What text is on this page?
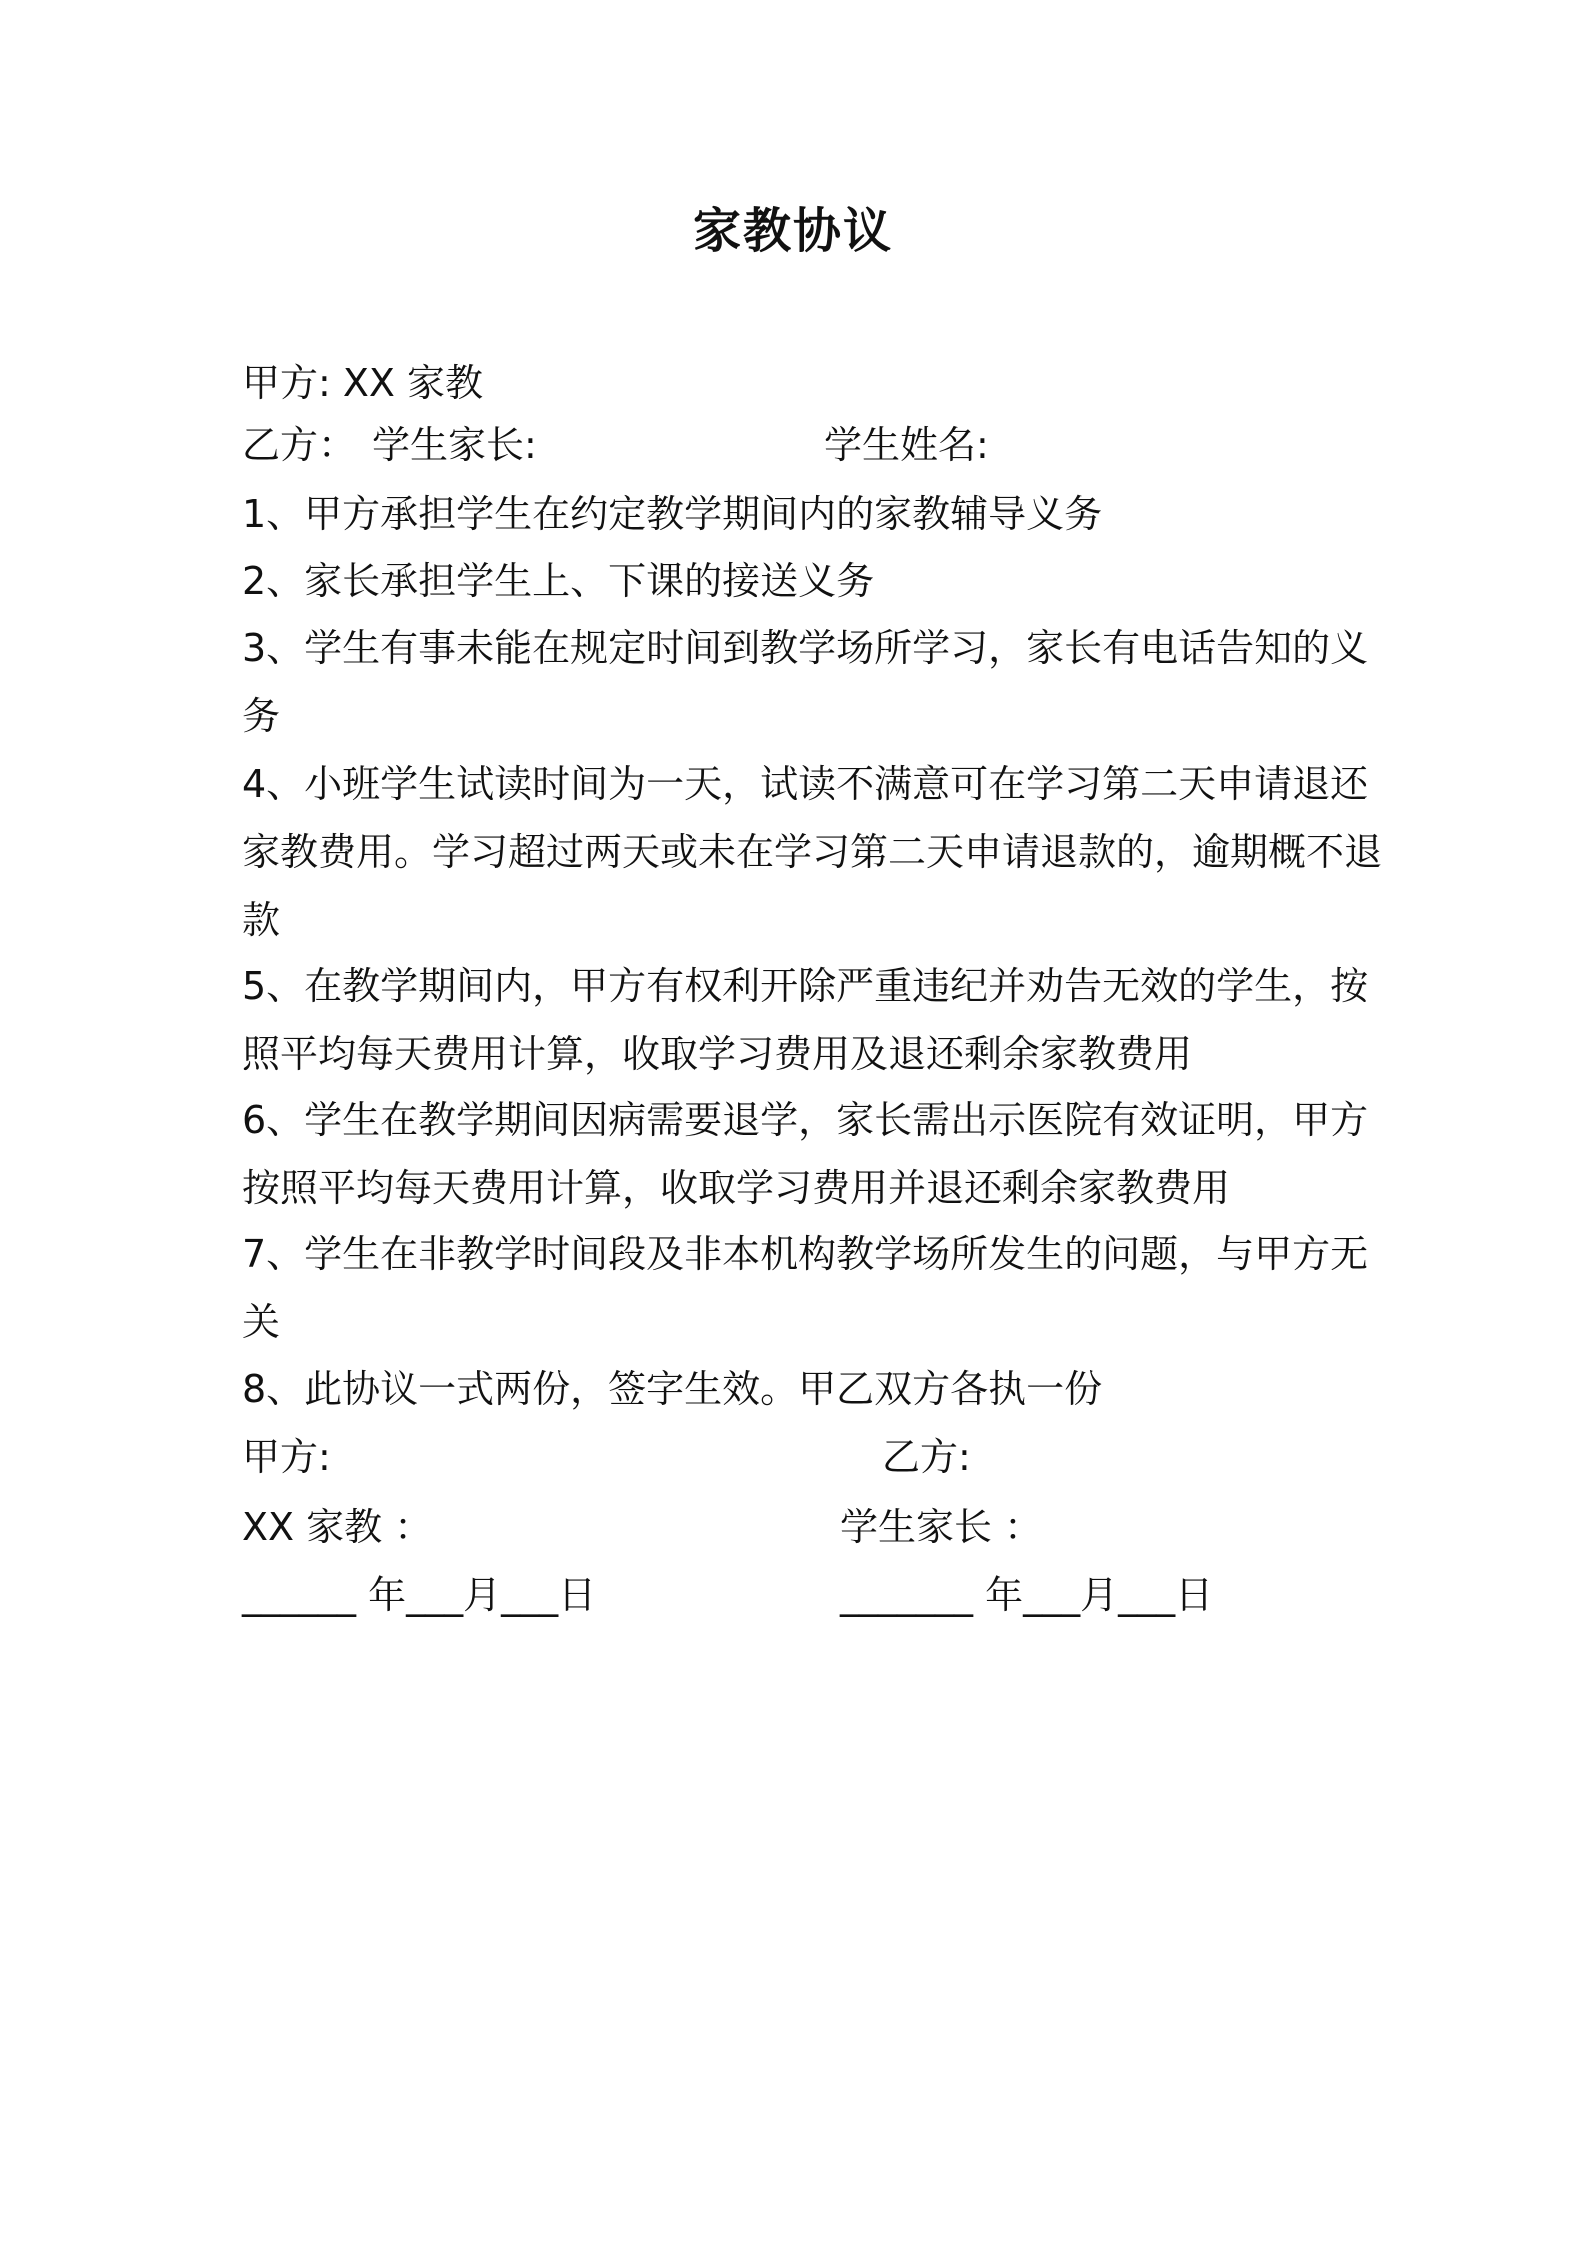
家教协议
甲方: XX 家教
乙方： 学生家长:	学生姓名:
1、甲方承担学生在约定教学期间内的家教辅导义务
2、家长承担学生上、下课的接送义务
3、学生有事未能在规定时间到教学场所学习，家长有电话告知的义
务
4、小班学生试读时间为一天，试读不满意可在学习第二天申请退还
家教费用。学习超过两天或未在学习第二天申请退款的，逾期概不退
款
5、在教学期间内，甲方有权利开除严重违纪并劝告无效的学生，按
照平均每天费用计算，收取学习费用及退还剩余家教费用
6、学生在教学期间因病需要退学，家长需出示医院有效证明，甲方
按照平均每天费用计算，收取学习费用并退还剩余家教费用
7、学生在非教学时间段及非本机构教学场所发生的问题，与甲方无
关
8、此协议一式两份，签字生效。甲乙双方各执一份
甲方:	乙方:
XX 家教 ：	学生家长 ：
______ 年___月___日	_______ 年___月___日
